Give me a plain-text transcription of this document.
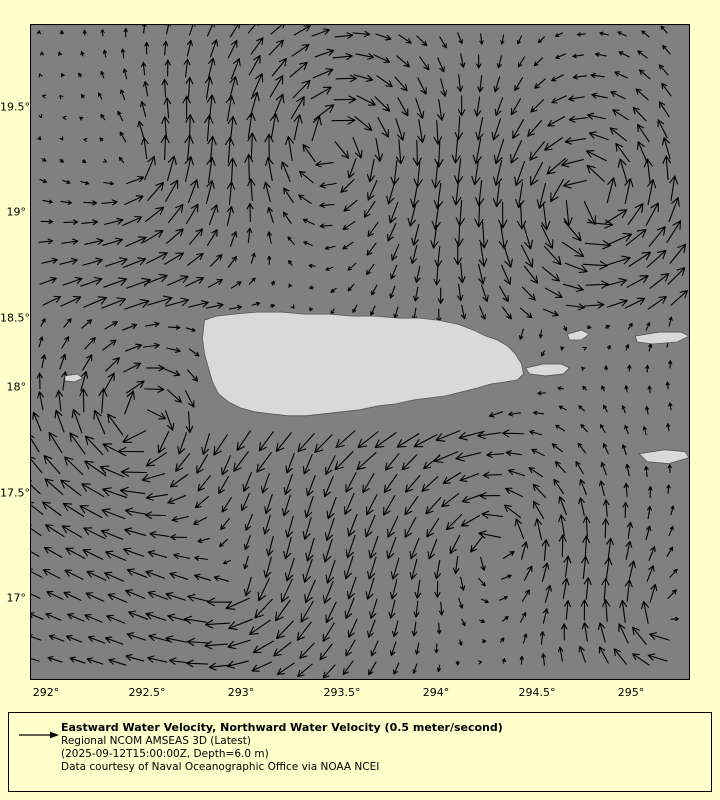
19.5°
19°
18.5°
18°
17.5°
17°
292°	292.5°	293°	293.5°	294°	294.5°	295°
Eastward Water Velocity, Northward Water Velocity (0.5 meter/second)
Regional NCOM AMSEAS 3D (Latest)
(2025-09-12T15:00:00Z, Depth=6.0 m)
Data courtesy of Naval Oceanographic Office via NOAA NCEI
